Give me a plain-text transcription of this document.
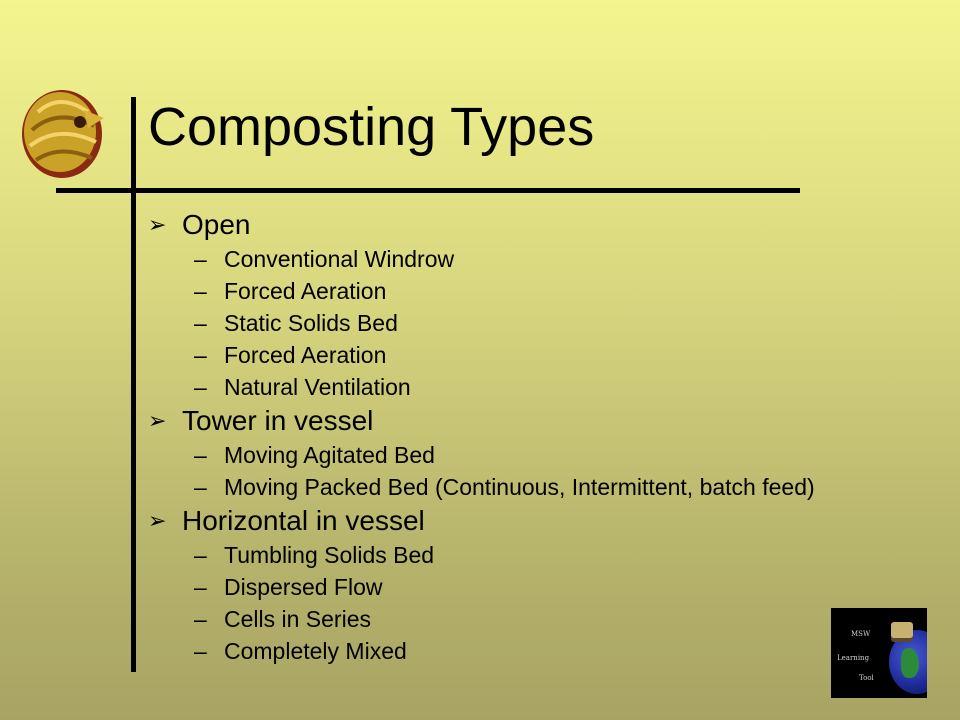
Composting Types
➢ Open
– Conventional Windrow
– Forced Aeration
– Static Solids Bed
– Forced Aeration
– Natural Ventilation
➢ Tower in vessel
– Moving Agitated Bed
– Moving Packed Bed (Continuous, Intermittent, batch feed)
➢ Horizontal in vessel
– Tumbling Solids Bed
– Dispersed Flow
– Cells in Series
– Completely Mixed
MSW
Learning
Tool
